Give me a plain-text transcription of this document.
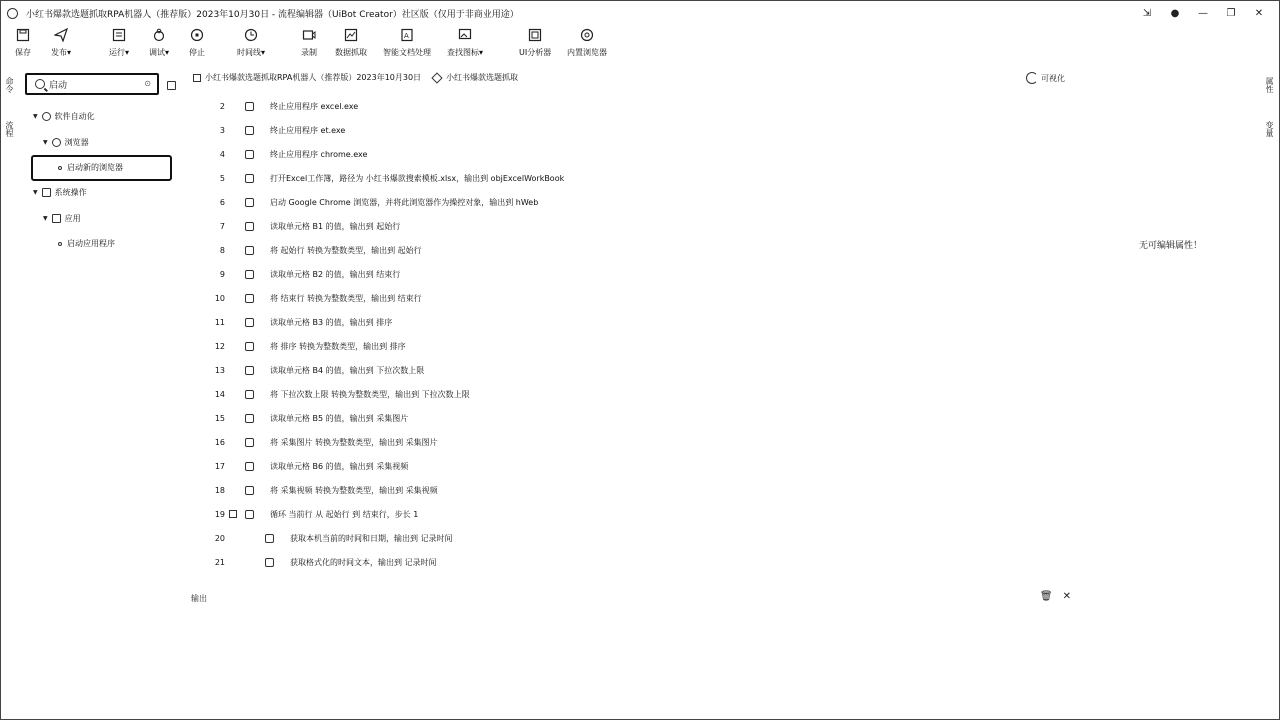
小红书爆款选题抓取RPA机器人（推荐版）2023年10月30日 - 流程编辑器（UiBot Creator）社区版（仅用于非商业用途）	⇲	●	—	❐	✕
保存	发布▾	运行▾ 调试▾ 停止	时间线▾	录制 数据抓取
A
智能文档处理 查找图标▾	UI分析器 内置浏览器
命令
流程
属性
变量
启动
⊙
▼ 软件自动化
▼ 浏览器
启动新的浏览器
▼ 系统操作
▼ 应用
启动应用程序
小红书爆款选题抓取RPA机器人（推荐版）2023年10月30日	小红书爆款选题抓取	可视化
2	终止应用程序 excel.exe
3	终止应用程序 et.exe
4	终止应用程序 chrome.exe
5	打开Excel工作簿，路径为 小红书爆款搜索模板.xlsx，输出到 objExcelWorkBook
6	启动 Google Chrome 浏览器，并将此浏览器作为操控对象，输出到 hWeb
7	读取单元格 B1 的值，输出到 起始行
8	将 起始行 转换为整数类型，输出到 起始行
9	读取单元格 B2 的值，输出到 结束行
10	将 结束行 转换为整数类型，输出到 结束行
11	读取单元格 B3 的值，输出到 排序
12	将 排序 转换为整数类型，输出到 排序
13	读取单元格 B4 的值，输出到 下拉次数上限
14	将 下拉次数上限 转换为整数类型，输出到 下拉次数上限
15	读取单元格 B5 的值，输出到 采集图片
16	将 采集图片 转换为整数类型，输出到 采集图片
17	读取单元格 B6 的值，输出到 采集视频
18	将 采集视频 转换为整数类型，输出到 采集视频
19	循环 当前行 从 起始行 到 结束行，步长 1
20	获取本机当前的时间和日期，输出到 记录时间
21	获取格式化的时间文本，输出到 记录时间
无可编辑属性！
输出	🗑 ✕
